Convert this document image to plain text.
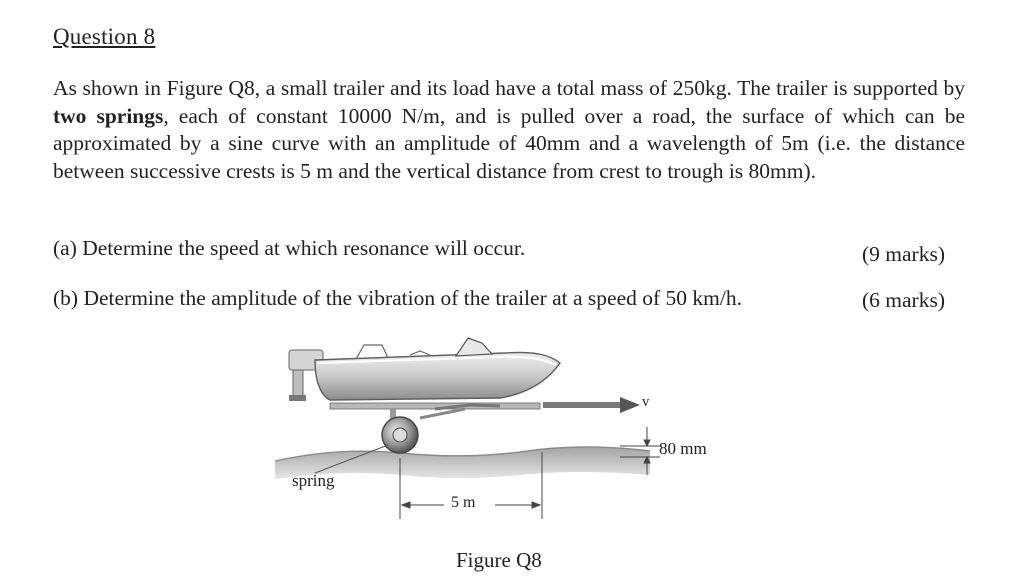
Question 8
As shown in Figure Q8, a small trailer and its load have a total mass of 250kg. The trailer is supported by two springs, each of constant 10000 N/m, and is pulled over a road, the surface of which can be approximated by a sine curve with an amplitude of 40mm and a wavelength of 5m (i.e. the distance between successive crests is 5 m and the vertical distance from crest to trough is 80mm).
(a) Determine the speed at which resonance will occur.	(9 marks)
(b) Determine the amplitude of the vibration of the trailer at a speed of 50 km/h.	(6 marks)
v
80 mm
spring
5 m
Figure Q8
